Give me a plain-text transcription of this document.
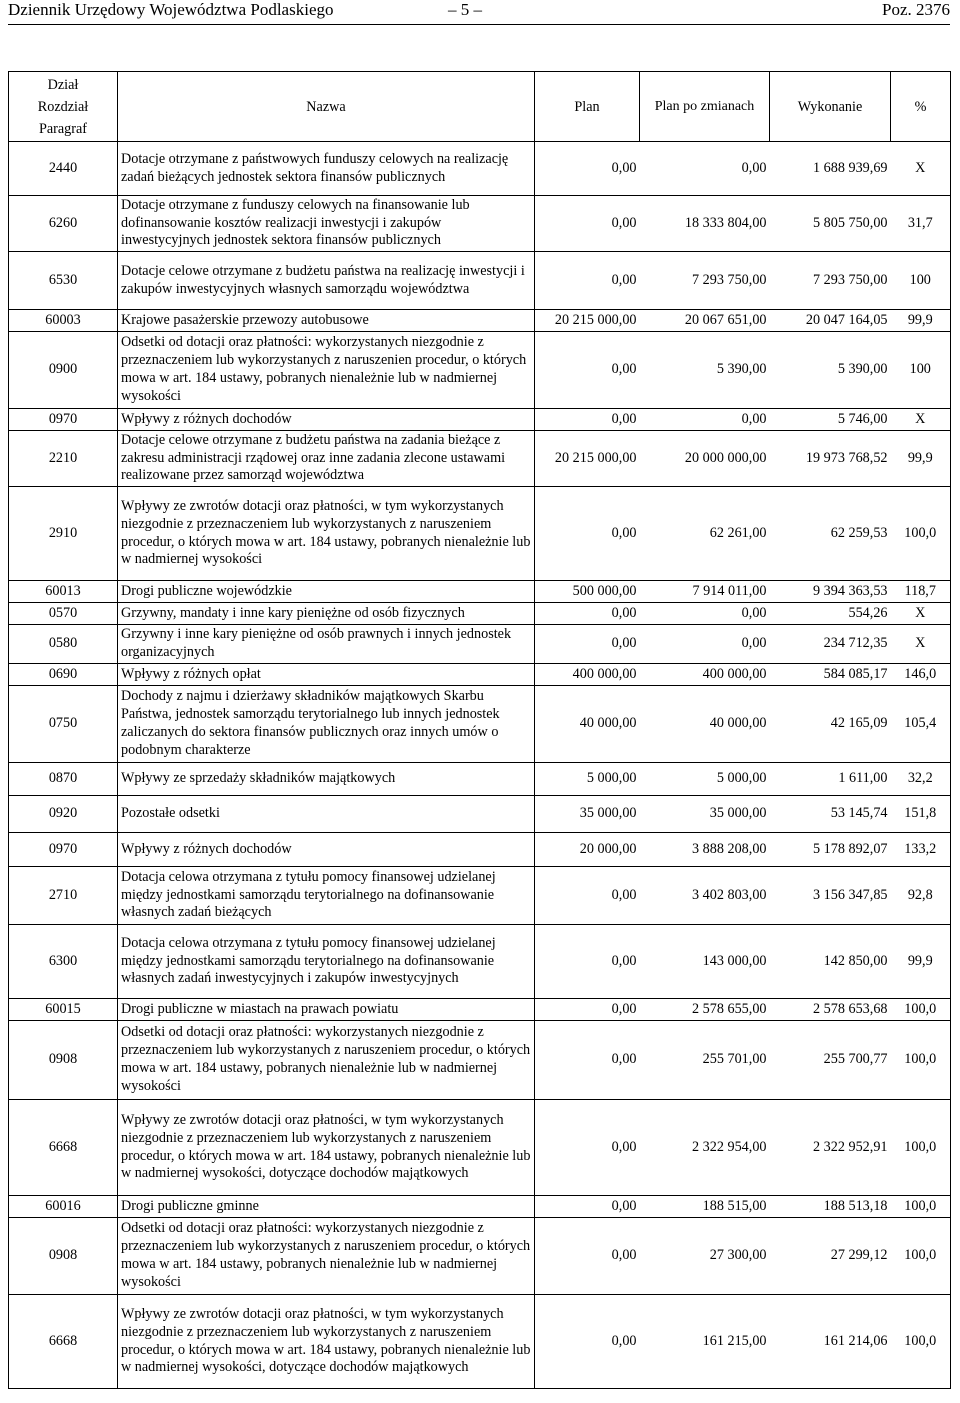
Dziennik Urzędowy Województwa Podlaskiego	– 5 –	Poz. 2376
Dział
Rozdział
Paragraf	Nazwa	Plan	Plan po zmianach	Wykonanie	%
2440	Dotacje otrzymane z państwowych funduszy celowych na realizację zadań bieżących jednostek sektora finansów publicznych	0,00	0,00	1 688 939,69	X
6260	Dotacje otrzymane z funduszy celowych na finansowanie lub dofinansowanie kosztów realizacji inwestycji i zakupów inwestycyjnych jednostek sektora finansów publicznych	0,00	18 333 804,00	5 805 750,00	31,7
6530	Dotacje celowe otrzymane z budżetu państwa na realizację inwestycji i zakupów inwestycyjnych własnych samorządu województwa	0,00	7 293 750,00	7 293 750,00	100
60003	Krajowe pasażerskie przewozy autobusowe	20 215 000,00	20 067 651,00	20 047 164,05	99,9
0900	Odsetki od dotacji oraz płatności: wykorzystanych niezgodnie z przeznaczeniem lub wykorzystanych z naruszenien procedur, o których mowa w art. 184 ustawy, pobranych nienależnie lub w nadmiernej wysokości	0,00	5 390,00	5 390,00	100
0970	Wpływy z różnych dochodów	0,00	0,00	5 746,00	X
2210	Dotacje celowe otrzymane z budżetu państwa na zadania bieżące z zakresu administracji rządowej oraz inne zadania zlecone ustawami realizowane przez samorząd województwa	20 215 000,00	20 000 000,00	19 973 768,52	99,9
2910	Wpływy ze zwrotów dotacji oraz płatności, w tym wykorzystanych niezgodnie z przeznaczeniem lub wykorzystanych z naruszeniem procedur, o których mowa w art. 184 ustawy, pobranych nienależnie lub w nadmiernej wysokości	0,00	62 261,00	62 259,53	100,0
60013	Drogi publiczne wojewódzkie	500 000,00	7 914 011,00	9 394 363,53	118,7
0570	Grzywny, mandaty i inne kary pieniężne od osób fizycznych	0,00	0,00	554,26	X
0580	Grzywny i inne kary pieniężne od osób prawnych i innych jednostek organizacyjnych	0,00	0,00	234 712,35	X
0690	Wpływy z różnych opłat	400 000,00	400 000,00	584 085,17	146,0
0750	Dochody z najmu i dzierżawy składników majątkowych Skarbu Państwa, jednostek samorządu terytorialnego lub innych jednostek zaliczanych do sektora finansów publicznych oraz innych umów o podobnym charakterze	40 000,00	40 000,00	42 165,09	105,4
0870	Wpływy ze sprzedaży składników majątkowych	5 000,00	5 000,00	1 611,00	32,2
0920	Pozostałe odsetki	35 000,00	35 000,00	53 145,74	151,8
0970	Wpływy z różnych dochodów	20 000,00	3 888 208,00	5 178 892,07	133,2
2710	Dotacja celowa otrzymana z tytułu pomocy finansowej udzielanej między jednostkami samorządu terytorialnego na dofinansowanie własnych zadań bieżących	0,00	3 402 803,00	3 156 347,85	92,8
6300	Dotacja celowa otrzymana z tytułu pomocy finansowej udzielanej między jednostkami samorządu terytorialnego na dofinansowanie własnych zadań inwestycyjnych i zakupów inwestycyjnych	0,00	143 000,00	142 850,00	99,9
60015	Drogi publiczne w miastach na prawach powiatu	0,00	2 578 655,00	2 578 653,68	100,0
0908	Odsetki od dotacji oraz płatności: wykorzystanych niezgodnie z przeznaczeniem lub wykorzystanych z naruszeniem procedur, o których mowa w art. 184 ustawy, pobranych nienależnie lub w nadmiernej wysokości	0,00	255 701,00	255 700,77	100,0
6668	Wpływy ze zwrotów dotacji oraz płatności, w tym wykorzystanych niezgodnie z przeznaczeniem lub wykorzystanych z naruszeniem procedur, o których mowa w art. 184 ustawy, pobranych nienależnie lub w nadmiernej wysokości, dotyczące dochodów majątkowych	0,00	2 322 954,00	2 322 952,91	100,0
60016	Drogi publiczne gminne	0,00	188 515,00	188 513,18	100,0
0908	Odsetki od dotacji oraz płatności: wykorzystanych niezgodnie z przeznaczeniem lub wykorzystanych z naruszeniem procedur, o których mowa w art. 184 ustawy, pobranych nienależnie lub w nadmiernej wysokości	0,00	27 300,00	27 299,12	100,0
6668	Wpływy ze zwrotów dotacji oraz płatności, w tym wykorzystanych niezgodnie z przeznaczeniem lub wykorzystanych z naruszeniem procedur, o których mowa w art. 184 ustawy, pobranych nienależnie lub w nadmiernej wysokości, dotyczące dochodów majątkowych	0,00	161 215,00	161 214,06	100,0
